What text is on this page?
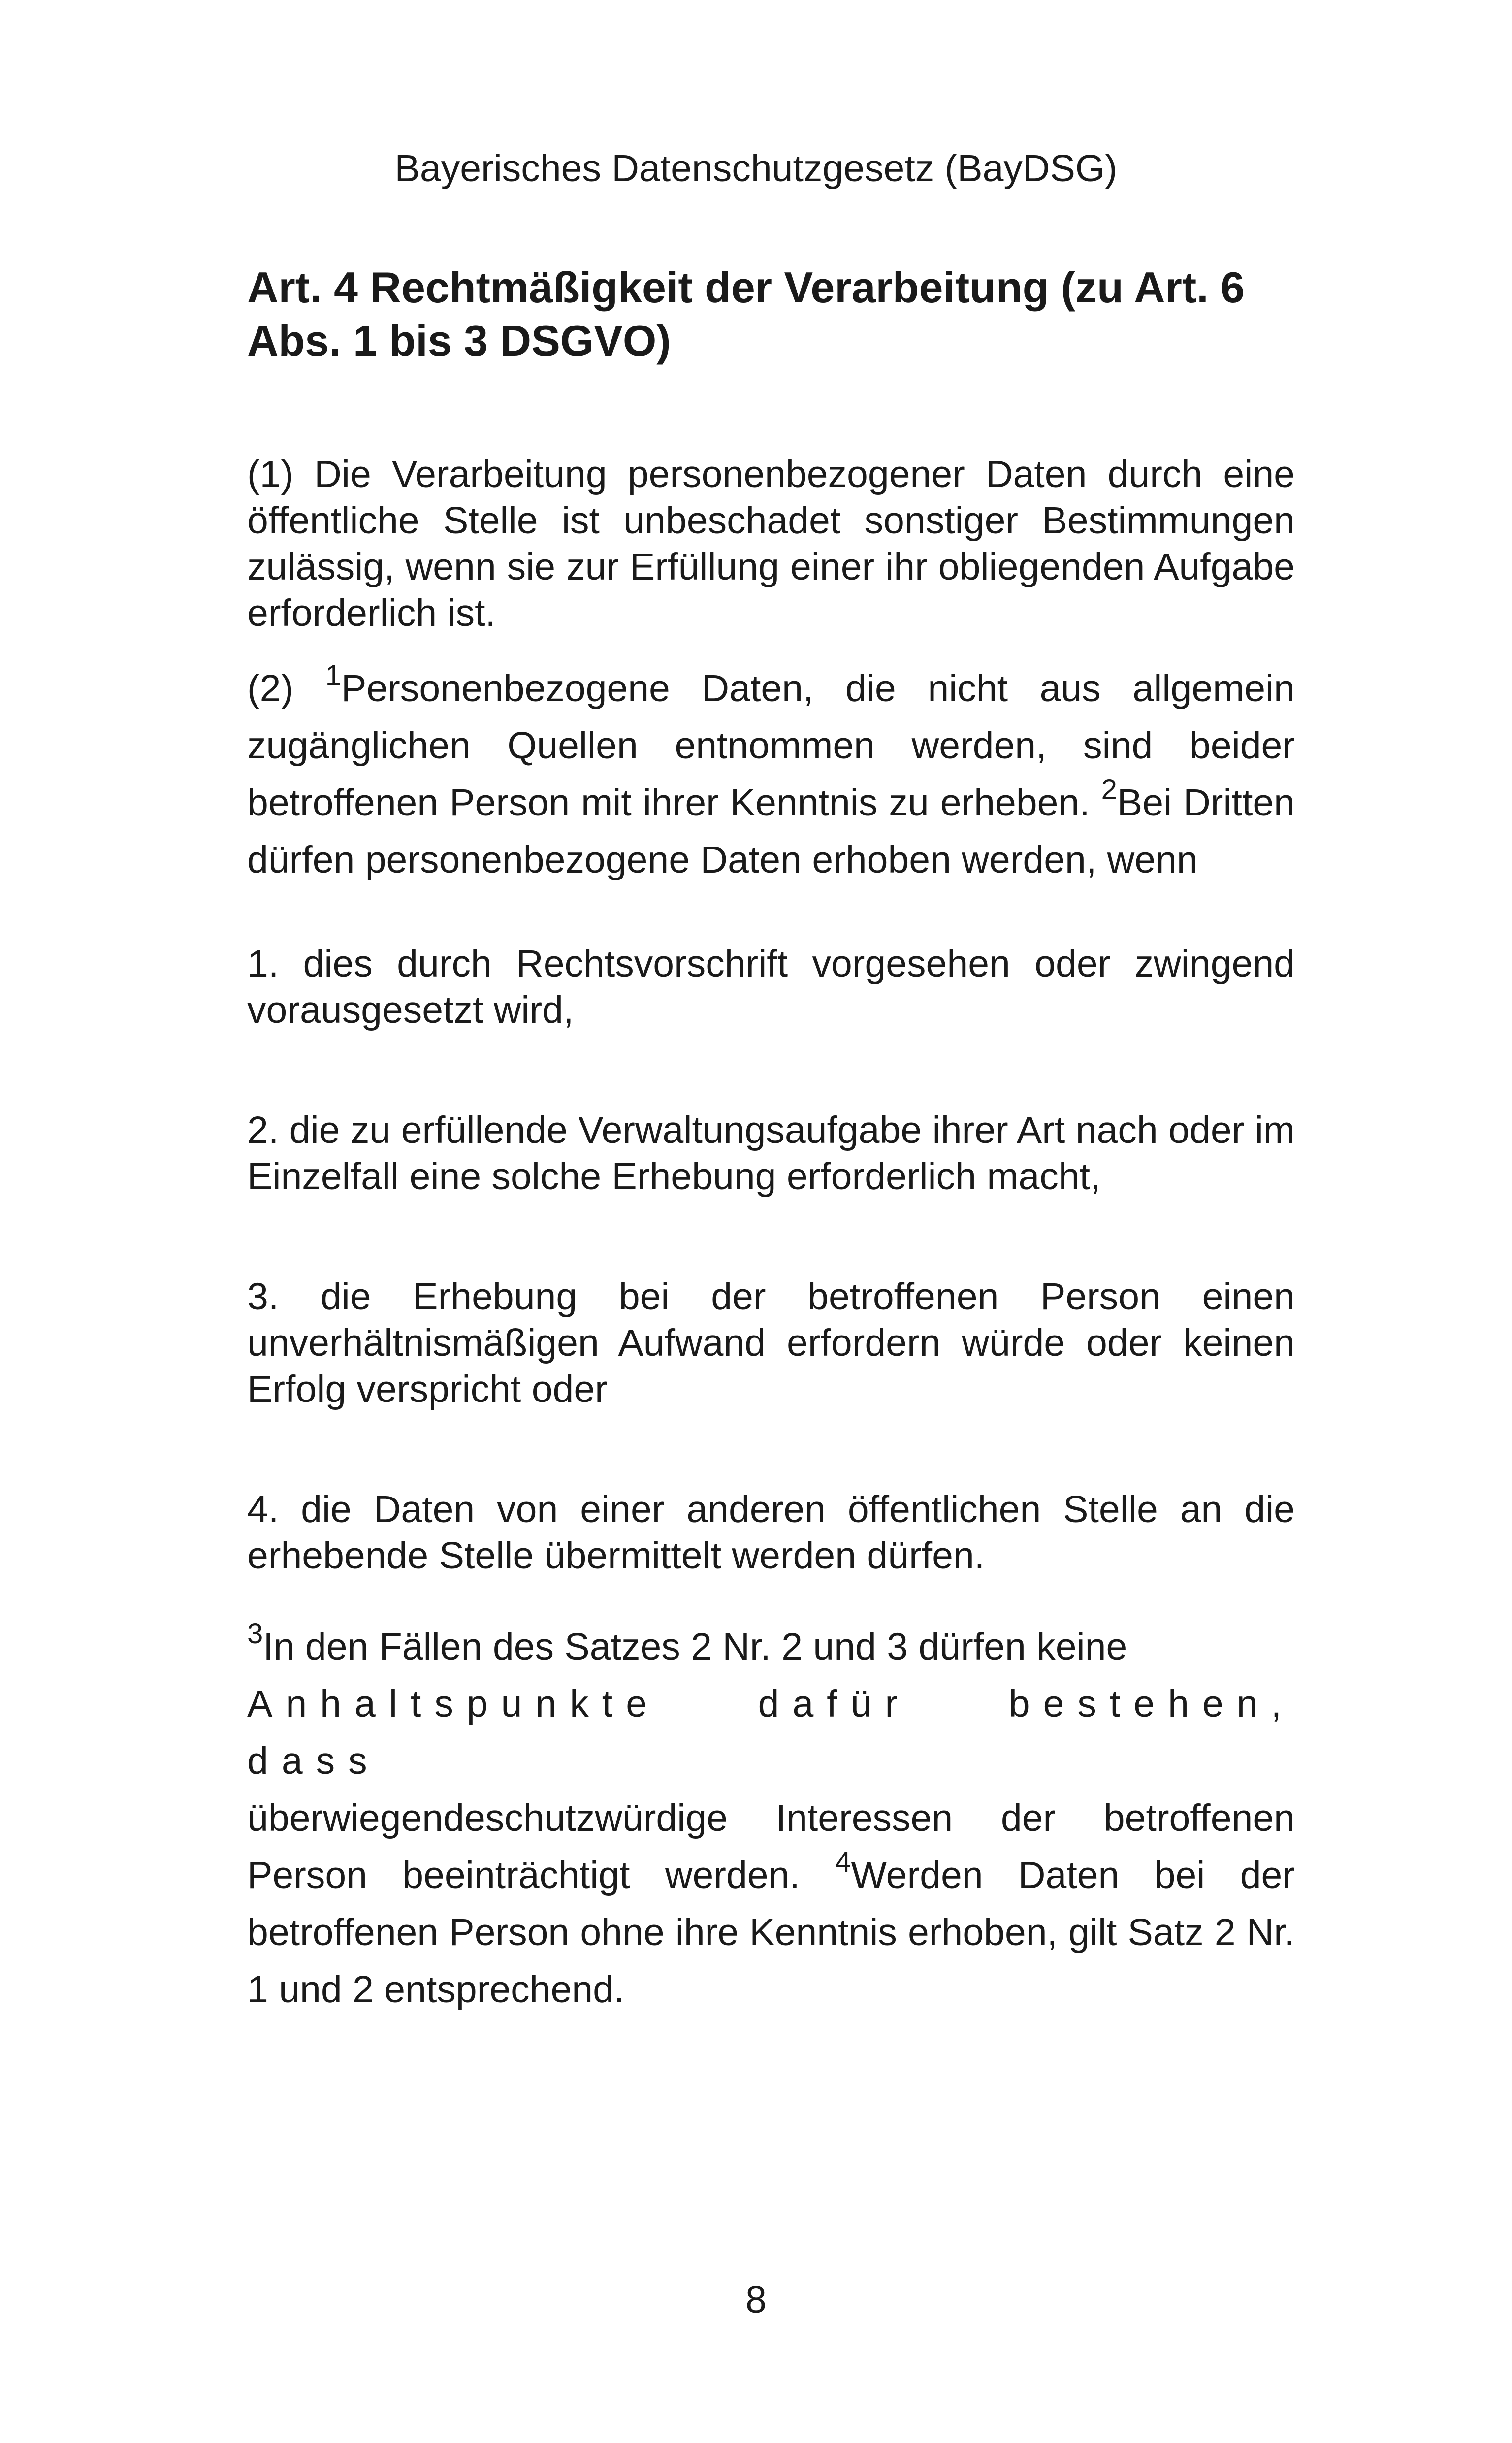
Bayerisches Datenschutzgesetz (BayDSG)
Art. 4 Rechtmäßigkeit der Verarbeitung (zu Art. 6
Abs. 1 bis 3 DSGVO)

(1) Die Verarbeitung personenbezogener Daten durch eine öffentliche Stelle ist unbeschadet sonstiger Bestimmungen zulässig, wenn sie zur Erfüllung einer ihr obliegenden Aufgabe erforderlich ist.

(2) $^1$Personenbezogene Daten, die nicht aus allgemein zugänglichen Quellen entnommen werden, sind beider betroffenen Person mit ihrer Kenntnis zu erheben. $^2$Bei Dritten dürfen personenbezogene Daten erhoben werden, wenn

1. dies durch Rechtsvorschrift vorgesehen oder zwingend vorausgesetzt wird,

2. die zu erfüllende Verwaltungsaufgabe ihrer Art nach oder im Einzelfall eine solche Erhebung erforderlich macht,

3. die Erhebung bei der betroffenen Person einen unverhältnismäßigen Aufwand erfordern würde oder keinen Erfolg verspricht oder

4. die Daten von einer anderen öffentlichen Stelle an die erhebende Stelle übermittelt werden dürfen.

$^3$In den Fällen des Satzes 2 Nr. 2 und 3 dürfen keine
Anhaltspunkte dafür bestehen, dass
überwiegendeschutzwürdige Interessen der betroffenen Person beeinträchtigt werden. $^4$Werden Daten bei der betroffenen Person ohne ihre Kenntnis erhoben, gilt Satz 2 Nr. 1 und 2 entsprechend.

8
